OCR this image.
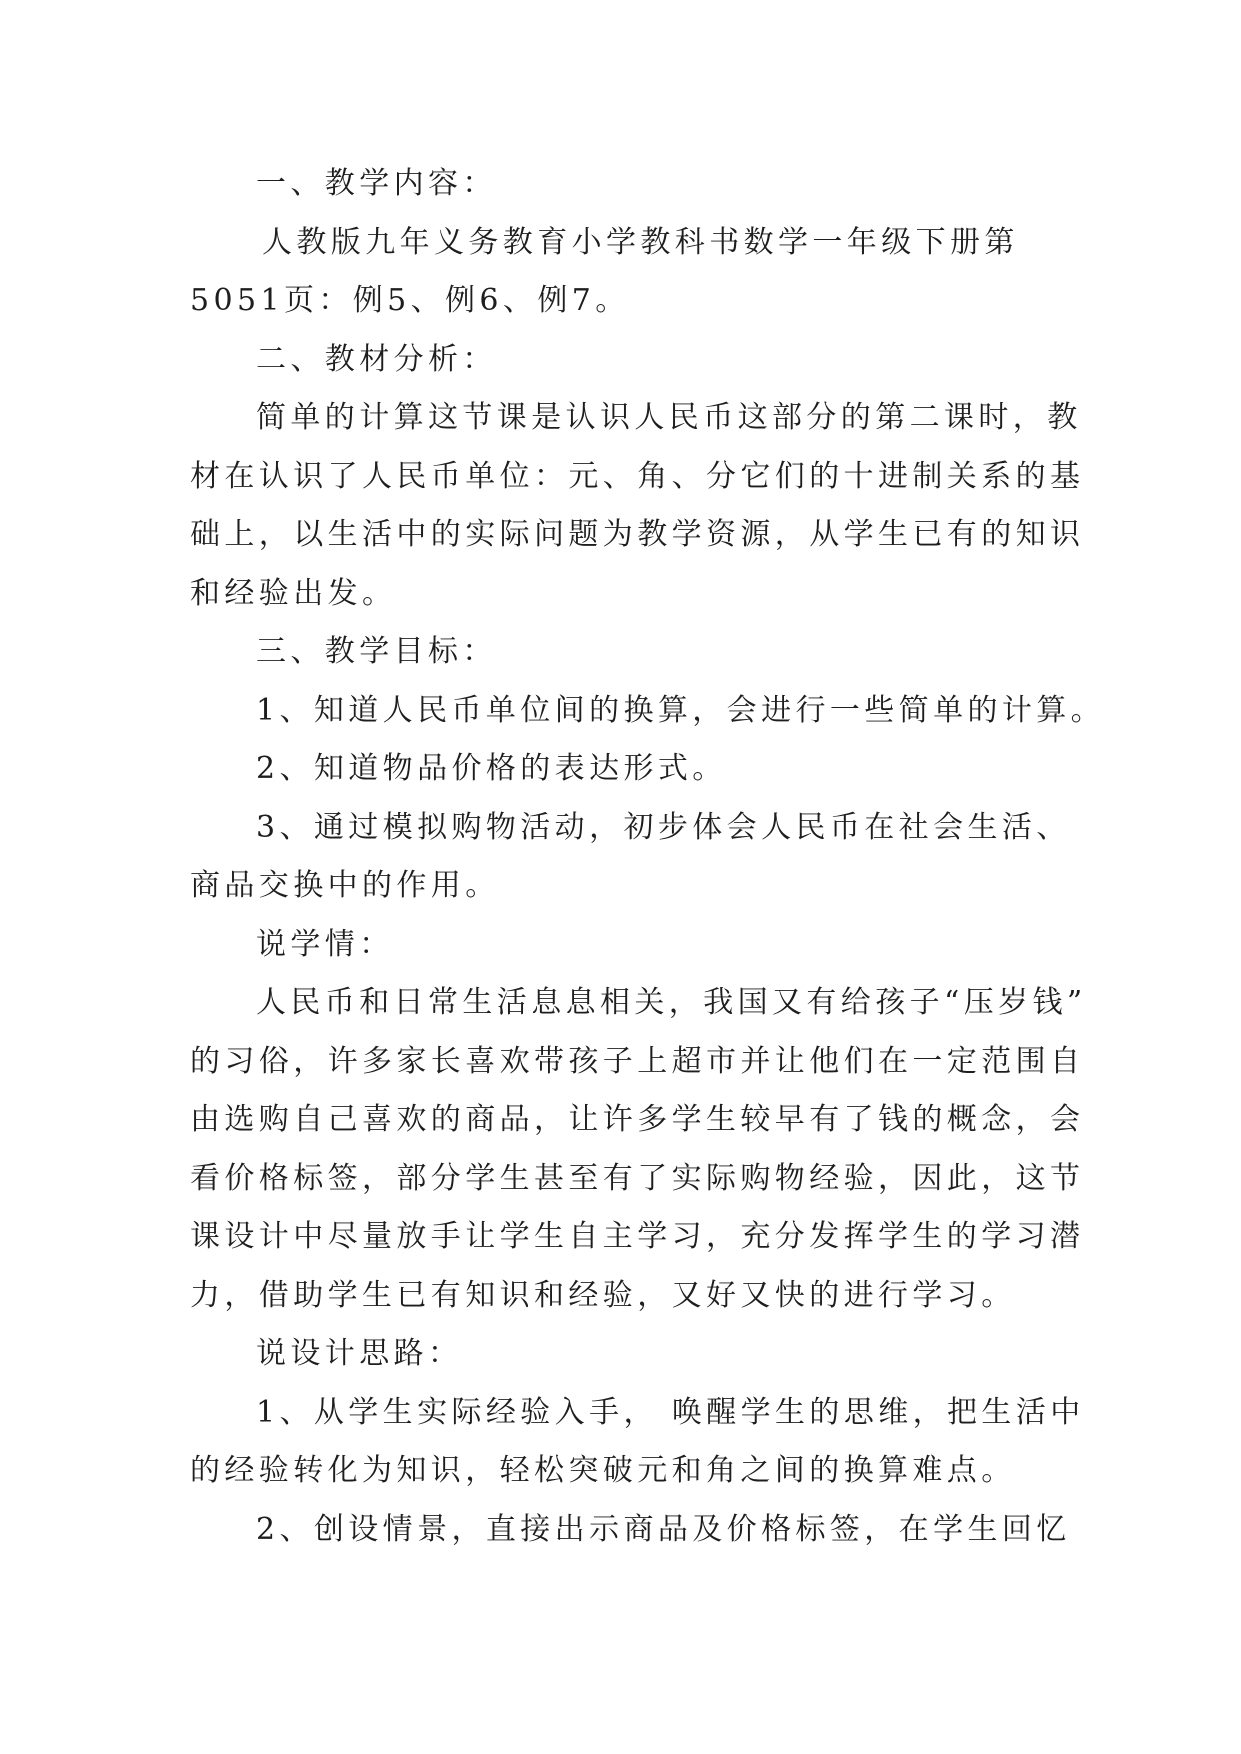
一、教学内容：
人教版九年义务教育小学教科书数学一年级下册第
5051页：例5、例6、例7。
二、教材分析：
简单的计算这节课是认识人民币这部分的第二课时，教
材在认识了人民币单位：元、角、分它们的十进制关系的基
础上，以生活中的实际问题为教学资源，从学生已有的知识
和经验出发。
三、教学目标：
1、知道人民币单位间的换算，会进行一些简单的计算。
2、知道物品价格的表达形式。
3、通过模拟购物活动，初步体会人民币在社会生活、
商品交换中的作用。
说学情：
人民币和日常生活息息相关，我国又有给孩子“压岁钱”
的习俗，许多家长喜欢带孩子上超市并让他们在一定范围自
由选购自己喜欢的商品，让许多学生较早有了钱的概念，会
看价格标签，部分学生甚至有了实际购物经验，因此，这节
课设计中尽量放手让学生自主学习，充分发挥学生的学习潜
力，借助学生已有知识和经验，又好又快的进行学习。
说设计思路：
1、从学生实际经验入手， 唤醒学生的思维，把生活中
的经验转化为知识，轻松突破元和角之间的换算难点。
2、创设情景，直接出示商品及价格标签，在学生回忆
